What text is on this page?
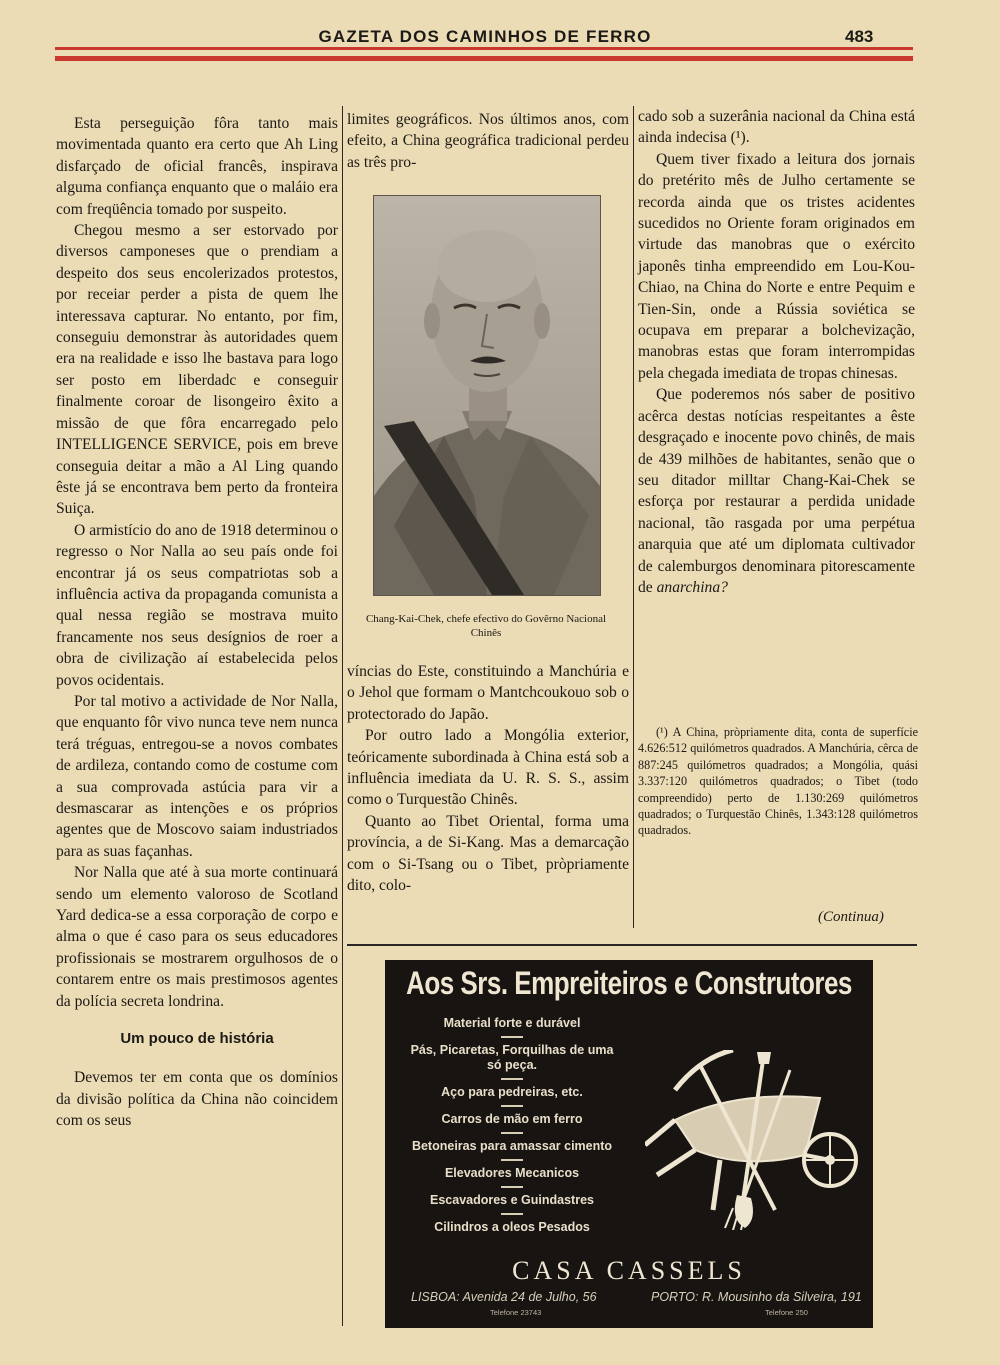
GAZETA DOS CAMINHOS DE FERRO	483

Esta perseguição fôra tanto mais movimentada quanto era certo que Ah Ling disfarçado de oficial francês, inspirava alguma confiança enquanto que o maláio era com freqüência tomado por suspeito.

Chegou mesmo a ser estorvado por diversos camponeses que o prendiam a despeito dos seus encolerizados protestos, por receiar perder a pista de quem lhe interessava capturar. No entanto, por fim, conseguiu demonstrar às autoridades quem era na realidade e isso lhe bastava para logo ser posto em liberdadc e conseguir finalmente coroar de lisongeiro êxito a missão de que fôra encarregado pelo INTELLIGENCE SERVICE, pois em breve conseguia deitar a mão a Al Ling quando êste já se encontrava bem perto da fronteira Suiça.

O armistício do ano de 1918 determinou o regresso o Nor Nalla ao seu país onde foi encontrar já os seus compatriotas sob a influência activa da propaganda comunista a qual nessa região se mostrava muito francamente nos seus desígnios de roer a obra de civilização aí estabelecida pelos povos ocidentais.

Por tal motivo a actividade de Nor Nalla, que enquanto fôr vivo nunca teve nem nunca terá tréguas, entregou-se a novos combates de ardileza, contando como de costume com a sua comprovada astúcia para vir a desmascarar as intenções e os próprios agentes que de Moscovo saiam industriados para as suas façanhas.

Nor Nalla que até à sua morte continuará sendo um elemento valoroso de Scotland Yard dedica-se a essa corporação de corpo e alma o que é caso para os seus educadores profissionais se mostrarem orgulhosos de o contarem entre os mais prestimosos agentes da polícia secreta londrina.

Um pouco de história

Devemos ter em conta que os domínios da divisão política da China não coincidem com os seus

limites geográficos. Nos últimos anos, com efeito, a China geográfica tradicional perdeu as três pro-

Chang-Kai-Chek, chefe efectivo do Govêrno Nacional Chinês

víncias do Este, constituindo a Manchúria e o Jehol que formam o Mantchcoukouo sob o protectorado do Japão.

Por outro lado a Mongólia exterior, teóricamente subordinada à China está sob a influência imediata da U. R. S. S., assim como o Turquestão Chinês.

Quanto ao Tibet Oriental, forma uma província, a de Si-Kang. Mas a demarcação com o Si-Tsang ou o Tibet, pròpriamente dito, colo-

cado sob a suzerânia nacional da China está ainda indecisa (¹).

Quem tiver fixado a leitura dos jornais do pretérito mês de Julho certamente se recorda ainda que os tristes acidentes sucedidos no Oriente foram originados em virtude das manobras que o exército japonês tinha empreendido em Lou-Kou-Chiao, na China do Norte e entre Pequim e Tien-Sin, onde a Rússia soviética se ocupava em preparar a bolchevização, manobras estas que foram interrompidas pela chegada imediata de tropas chinesas.

Que poderemos nós saber de positivo acêrca destas notícias respeitantes a êste desgraçado e inocente povo chinês, de mais de 439 milhões de habitantes, senão que o seu ditador milltar Chang-Kai-Chek se esforça por restaurar a perdida unidade nacional, tão rasgada por uma perpétua anarquia que até um diplomata cultivador de calemburgos denominara pitorescamente de anarchina?

(¹) A China, pròpriamente dita, conta de superfície 4.626:512 quilómetros quadrados. A Manchúria, cêrca de 887:245 quilómetros quadrados; a Mongólia, quási 3.337:120 quilómetros quadrados; o Tibet (todo compreendido) perto de 1.130:269 quilómetros quadrados; o Turquestão Chinês, 1.343:128 quilómetros quadrados.

(Continua)
Aos Srs. Empreiteiros e Construtores

Material forte e durável

Pás, Picaretas, Forquilhas de uma só peça.

Aço para pedreiras, etc.

Carros de mão em ferro

Betoneiras para amassar cimento

Elevadores Mecanicos

Escavadores e Guindastres

Cilindros a oleos Pesados

CASA CASSELS
LISBOA: Avenida 24 de Julho, 56
Telefone 23743
PORTO: R. Mousinho da Silveira, 191
Telefone 250
